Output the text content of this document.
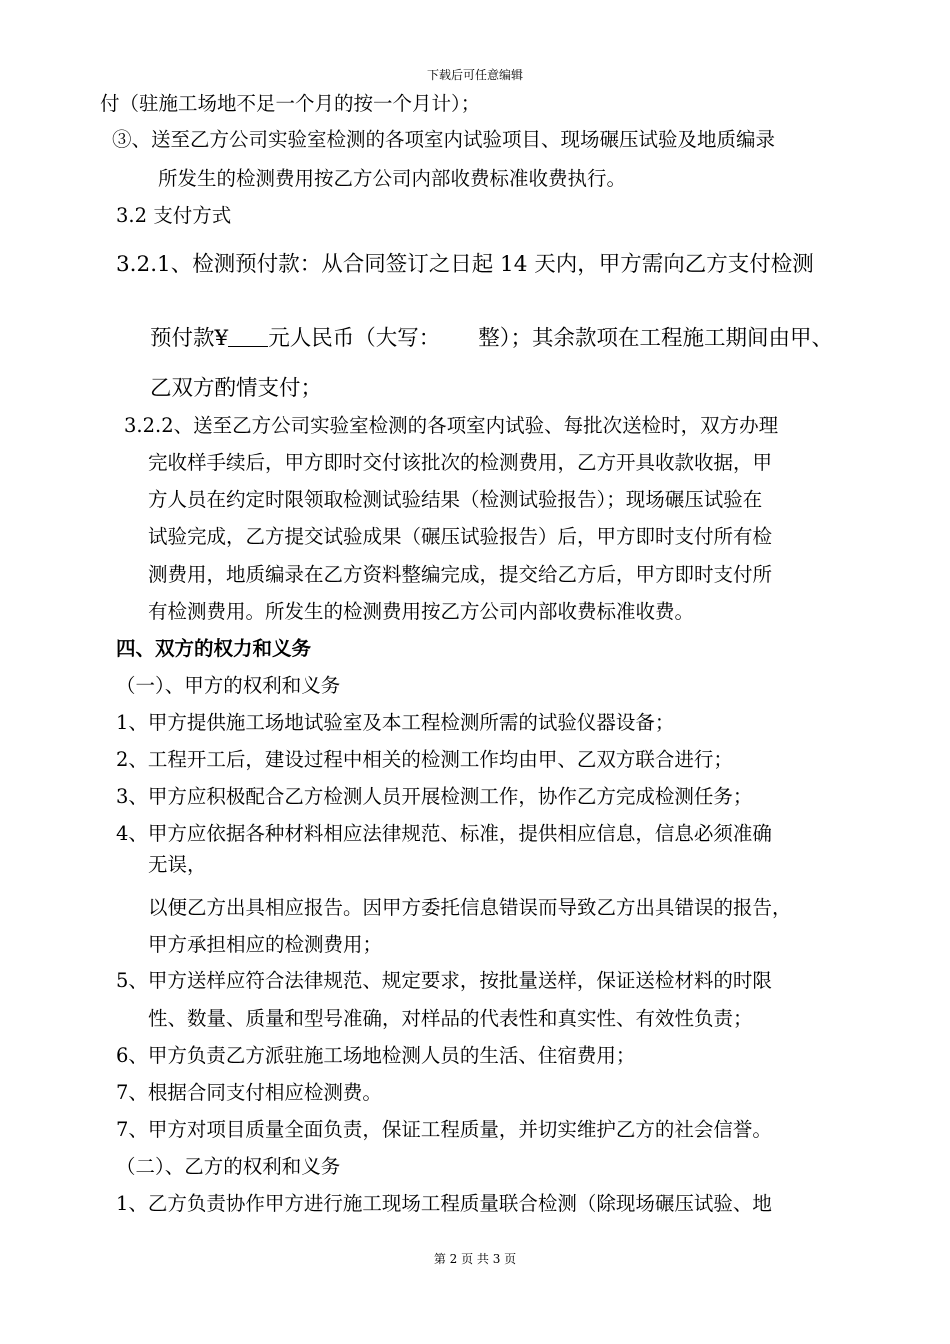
下载后可任意编辑
付（驻施工场地不足一个月的按一个月计）；
③、送至乙方公司实验室检测的各项室内试验项目、现场碾压试验及地质编录
所发生的检测费用按乙方公司内部收费标准收费执行。
3.2 支付方式
3.2.1、检测预付款：从合同签订之日起 14 天内，甲方需向乙方支付检测
预付款¥ 元人民币（大写： 整）；其余款项在工程施工期间由甲、
乙双方酌情支付；
3.2.2、送至乙方公司实验室检测的各项室内试验、每批次送检时，双方办理
完收样手续后，甲方即时交付该批次的检测费用，乙方开具收款收据，甲
方人员在约定时限领取检测试验结果（检测试验报告）；现场碾压试验在
试验完成，乙方提交试验成果（碾压试验报告）后，甲方即时支付所有检
测费用，地质编录在乙方资料整编完成，提交给乙方后，甲方即时支付所
有检测费用。所发生的检测费用按乙方公司内部收费标准收费。
四、双方的权力和义务
（一）、甲方的权利和义务
1、甲方提供施工场地试验室及本工程检测所需的试验仪器设备；
2、工程开工后，建设过程中相关的检测工作均由甲、乙双方联合进行；
3、甲方应积极配合乙方检测人员开展检测工作，协作乙方完成检测任务；
4、甲方应依据各种材料相应法律规范、标准，提供相应信息，信息必须准确
无误，
以便乙方出具相应报告。因甲方委托信息错误而导致乙方出具错误的报告，
甲方承担相应的检测费用；
5、甲方送样应符合法律规范、规定要求，按批量送样，保证送检材料的时限
性、数量、质量和型号准确，对样品的代表性和真实性、有效性负责；
6、甲方负责乙方派驻施工场地检测人员的生活、住宿费用；
7、根据合同支付相应检测费。
7、甲方对项目质量全面负责，保证工程质量，并切实维护乙方的社会信誉。
（二）、乙方的权利和义务
1、乙方负责协作甲方进行施工现场工程质量联合检测（除现场碾压试验、地
第 2 页 共 3 页
